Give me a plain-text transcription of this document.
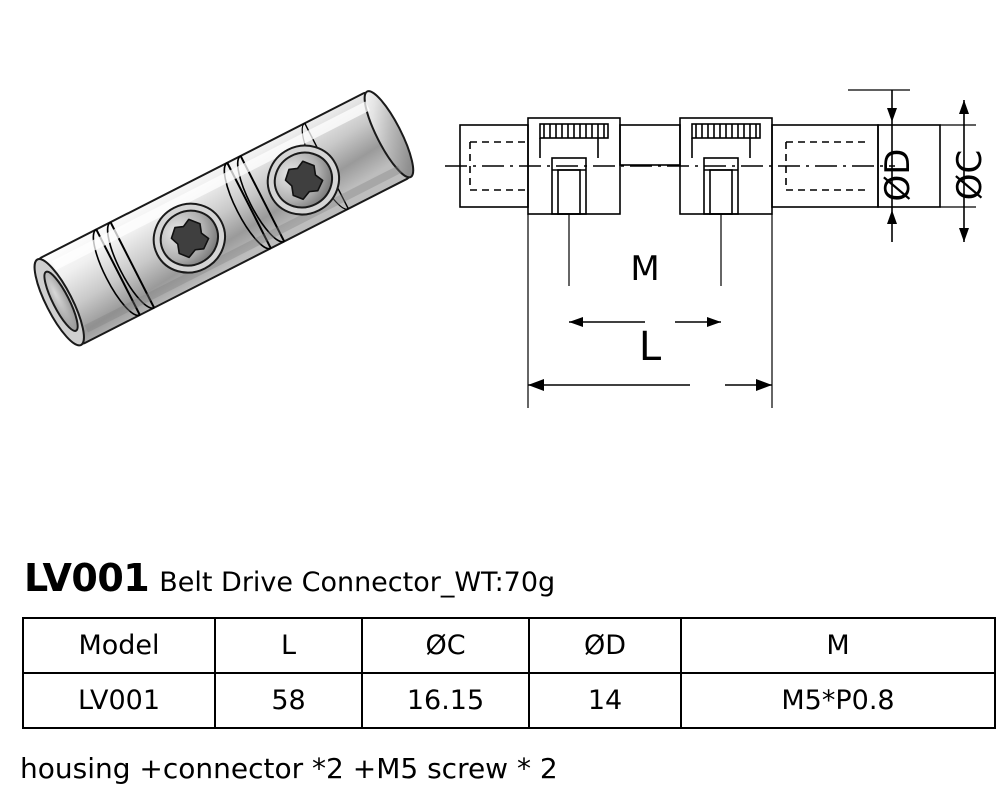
ØD ØC
M
L
LV001 Belt Drive Connector_WT:70g
Model	L	ØC	ØD	M
LV001	58	16.15	14	M5*P0.8
housing +connector *2 +M5 screw * 2
